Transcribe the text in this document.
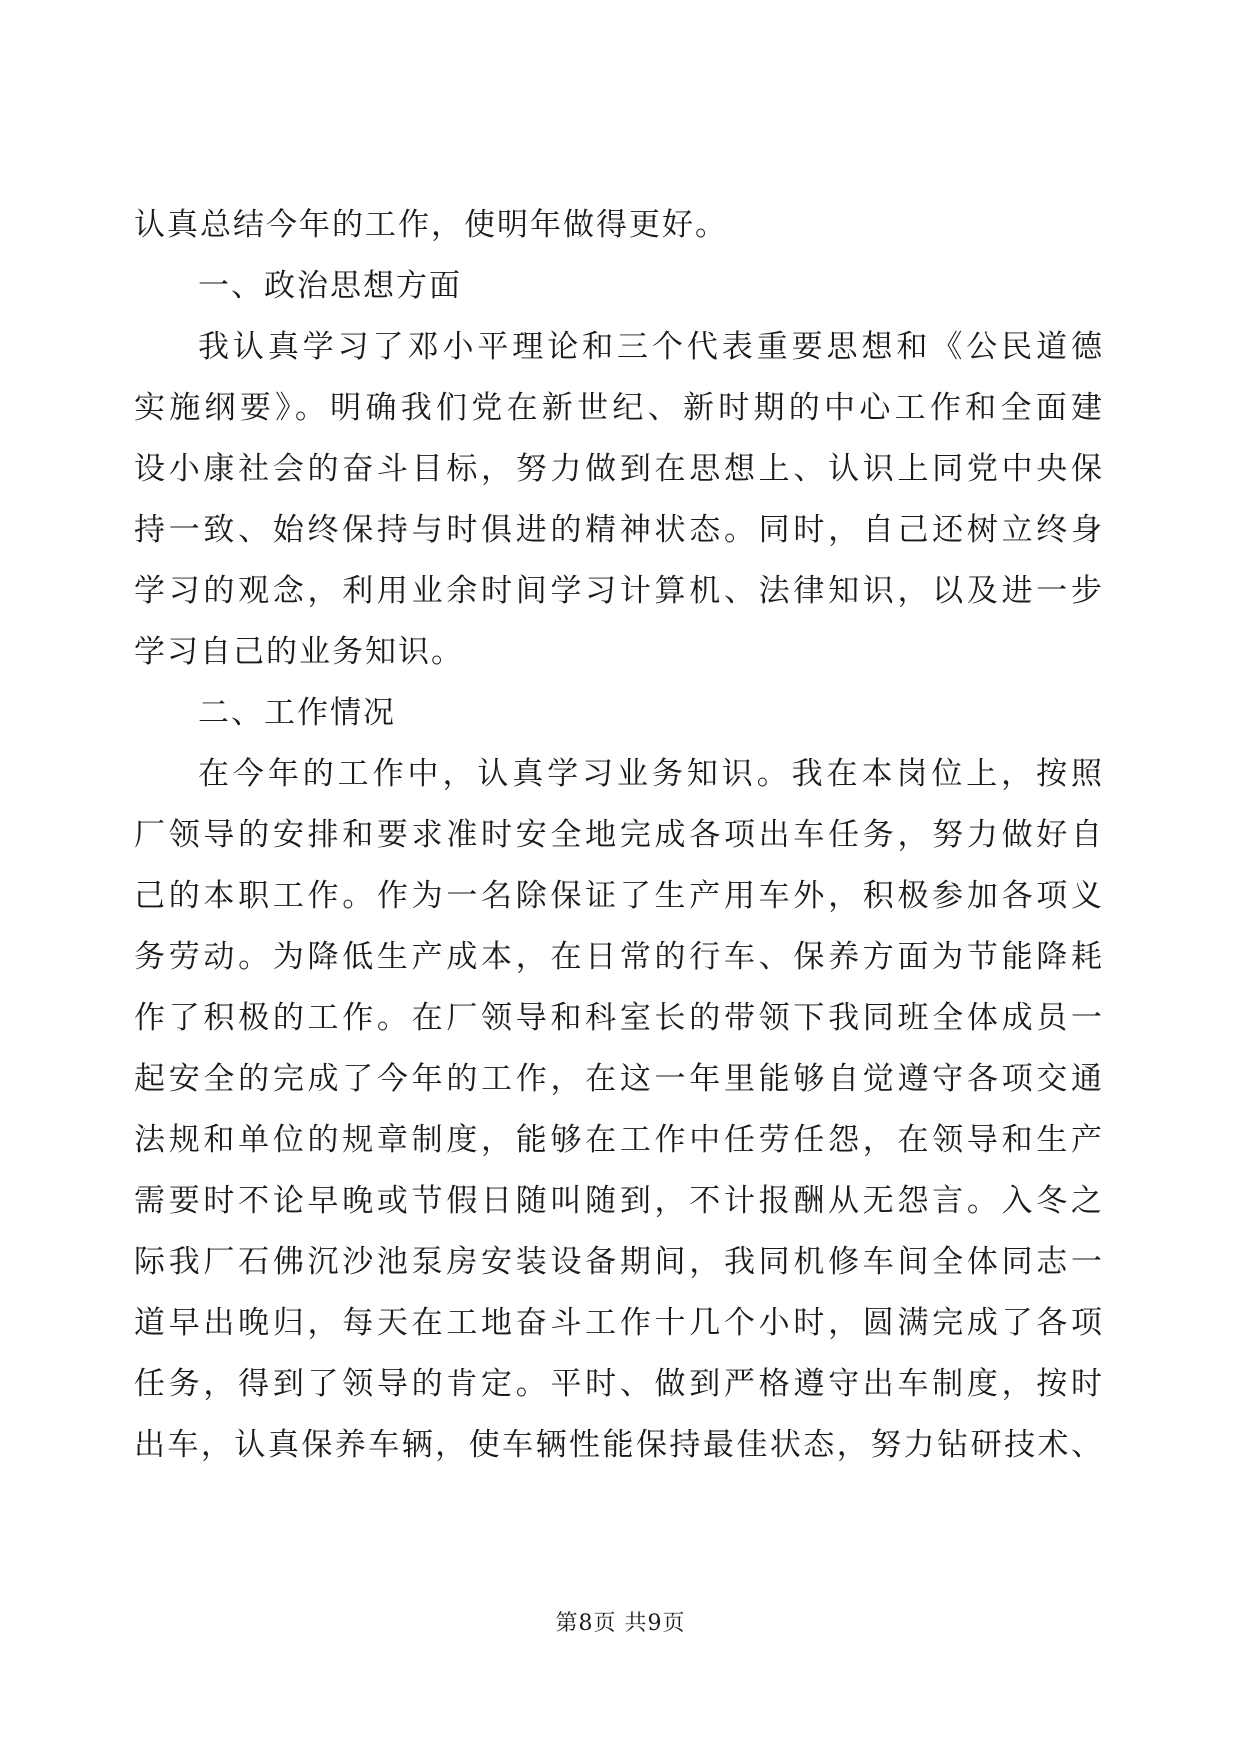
认真总结今年的工作，使明年做得更好。
一、政治思想方面
我认真学习了邓小平理论和三个代表重要思想和《公民道德
实施纲要》。明确我们党在新世纪、新时期的中心工作和全面建
设小康社会的奋斗目标，努力做到在思想上、认识上同党中央保
持一致、始终保持与时俱进的精神状态。同时，自己还树立终身
学习的观念，利用业余时间学习计算机、法律知识，以及进一步
学习自己的业务知识。
二、工作情况
在今年的工作中，认真学习业务知识。我在本岗位上，按照
厂领导的安排和要求准时安全地完成各项出车任务，努力做好自
己的本职工作。作为一名除保证了生产用车外，积极参加各项义
务劳动。为降低生产成本，在日常的行车、保养方面为节能降耗
作了积极的工作。在厂领导和科室长的带领下我同班全体成员一
起安全的完成了今年的工作，在这一年里能够自觉遵守各项交通
法规和单位的规章制度，能够在工作中任劳任怨，在领导和生产
需要时不论早晚或节假日随叫随到，不计报酬从无怨言。入冬之
际我厂石佛沉沙池泵房安装设备期间，我同机修车间全体同志一
道早出晚归，每天在工地奋斗工作十几个小时，圆满完成了各项
任务，得到了领导的肯定。平时、做到严格遵守出车制度，按时
出车，认真保养车辆，使车辆性能保持最佳状态，努力钻研技术、
第8页 共9页
